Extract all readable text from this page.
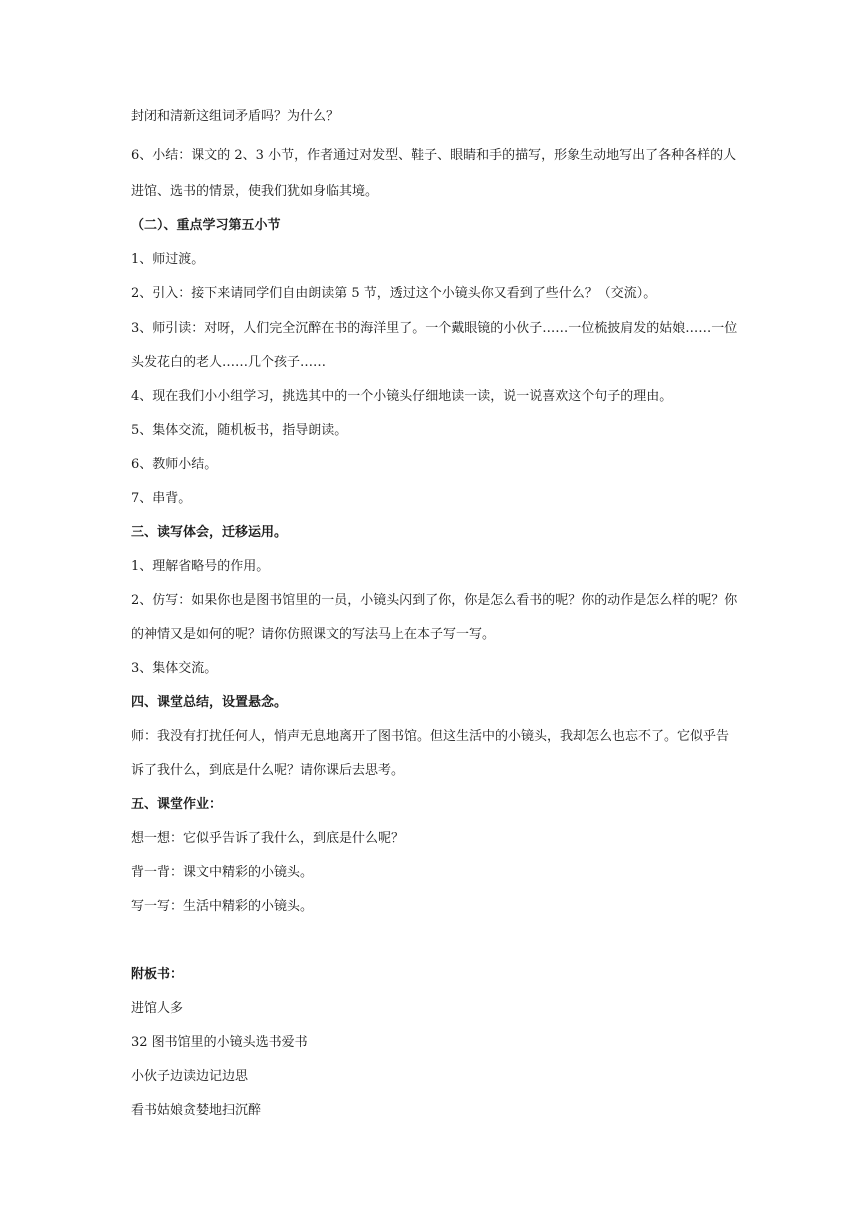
封闭和清新这组词矛盾吗？为什么？
6、小结：课文的 2、3 小节，作者通过对发型、鞋子、眼睛和手的描写，形象生动地写出了各种各样的人
进馆、选书的情景，使我们犹如身临其境。
（二）、重点学习第五小节
1、师过渡。
2、引入：接下来请同学们自由朗读第 5 节，透过这个小镜头你又看到了些什么？（交流）。
3、师引读：对呀，人们完全沉醉在书的海洋里了。一个戴眼镜的小伙子……一位梳披肩发的姑娘……一位
头发花白的老人……几个孩子……
4、现在我们小小组学习，挑选其中的一个小镜头仔细地读一读，说一说喜欢这个句子的理由。
5、集体交流，随机板书，指导朗读。
6、教师小结。
7、串背。
三、读写体会，迁移运用。
1、理解省略号的作用。
2、仿写：如果你也是图书馆里的一员，小镜头闪到了你，你是怎么看书的呢？你的动作是怎么样的呢？你
的神情又是如何的呢？请你仿照课文的写法马上在本子写一写。
3、集体交流。
四、课堂总结，设置悬念。
师：我没有打扰任何人，悄声无息地离开了图书馆。但这生活中的小镜头，我却怎么也忘不了。它似乎告
诉了我什么，到底是什么呢？请你课后去思考。
五、课堂作业：
想一想：它似乎告诉了我什么，到底是什么呢？
背一背：课文中精彩的小镜头。
写一写：生活中精彩的小镜头。
附板书：
进馆人多
32 图书馆里的小镜头选书爱书
小伙子边读边记边思
看书姑娘贪婪地扫沉醉
